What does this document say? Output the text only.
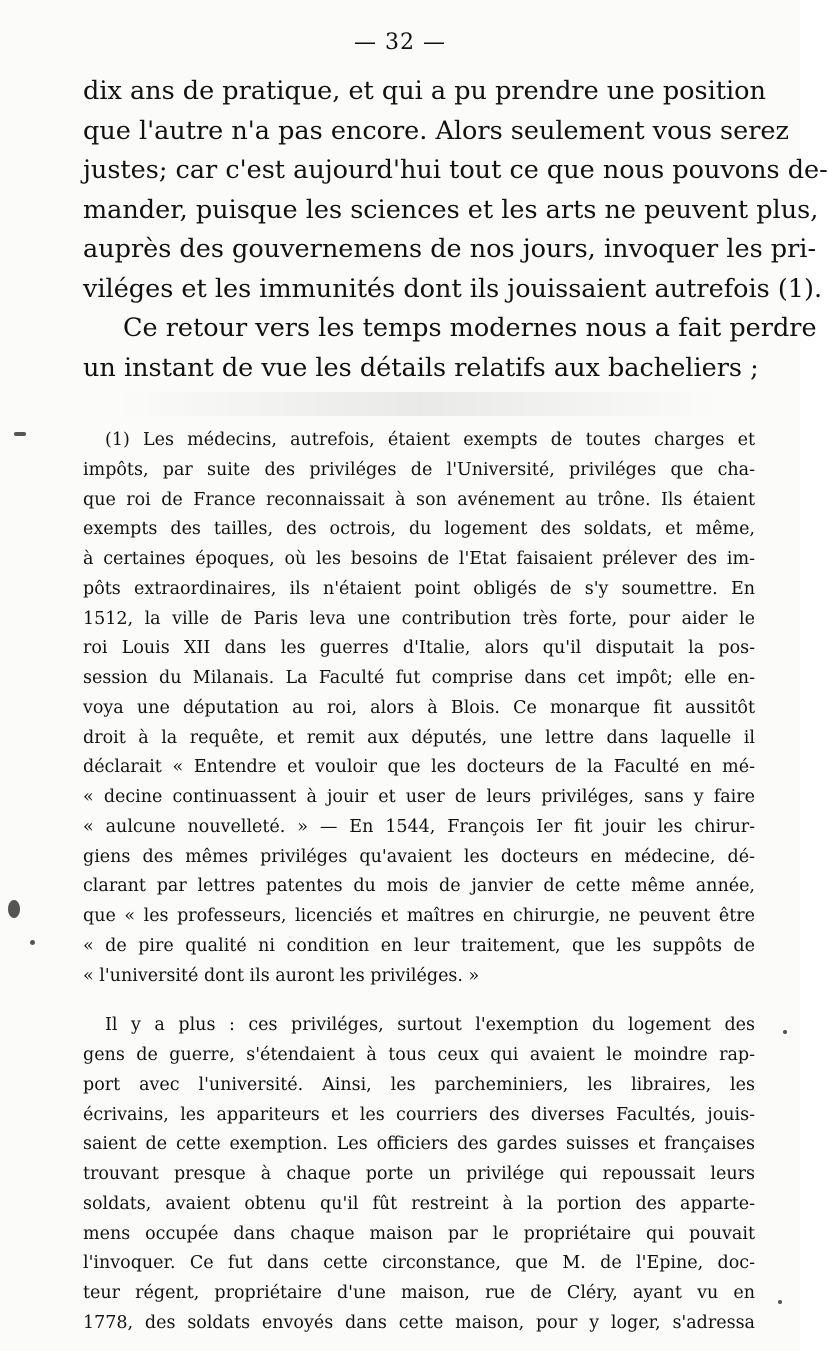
— 32 —
dix ans de pratique, et qui a pu prendre une position
que l'autre n'a pas encore. Alors seulement vous serez
justes; car c'est aujourd'hui tout ce que nous pouvons de-
mander, puisque les sciences et les arts ne peuvent plus,
auprès des gouvernemens de nos jours, invoquer les pri-
viléges et les immunités dont ils jouissaient autrefois (1).
Ce retour vers les temps modernes nous a fait perdre
un instant de vue les détails relatifs aux bacheliers ;
(1) Les médecins, autrefois, étaient exempts de toutes charges et
impôts, par suite des priviléges de l'Université, priviléges que cha-
que roi de France reconnaissait à son avénement au trône. Ils étaient
exempts des tailles, des octrois, du logement des soldats, et même,
à certaines époques, où les besoins de l'Etat faisaient prélever des im-
pôts extraordinaires, ils n'étaient point obligés de s'y soumettre. En
1512, la ville de Paris leva une contribution très forte, pour aider le
roi Louis XII dans les guerres d'Italie, alors qu'il disputait la pos-
session du Milanais. La Faculté fut comprise dans cet impôt; elle en-
voya une députation au roi, alors à Blois. Ce monarque fit aussitôt
droit à la requête, et remit aux députés, une lettre dans laquelle il
déclarait « Entendre et vouloir que les docteurs de la Faculté en mé-
« decine continuassent à jouir et user de leurs priviléges, sans y faire
« aulcune nouvelleté. » — En 1544, François Ier fit jouir les chirur-
giens des mêmes priviléges qu'avaient les docteurs en médecine, dé-
clarant par lettres patentes du mois de janvier de cette même année,
que « les professeurs, licenciés et maîtres en chirurgie, ne peuvent être
« de pire qualité ni condition en leur traitement, que les suppôts de
« l'université dont ils auront les priviléges. »
Il y a plus : ces priviléges, surtout l'exemption du logement des
gens de guerre, s'étendaient à tous ceux qui avaient le moindre rap-
port avec l'université. Ainsi, les parcheminiers, les libraires, les
écrivains, les appariteurs et les courriers des diverses Facultés, jouis-
saient de cette exemption. Les officiers des gardes suisses et françaises
trouvant presque à chaque porte un privilége qui repoussait leurs
soldats, avaient obtenu qu'il fût restreint à la portion des apparte-
mens occupée dans chaque maison par le propriétaire qui pouvait
l'invoquer. Ce fut dans cette circonstance, que M. de l'Epine, doc-
teur régent, propriétaire d'une maison, rue de Cléry, ayant vu en
1778, des soldats envoyés dans cette maison, pour y loger, s'adressa
